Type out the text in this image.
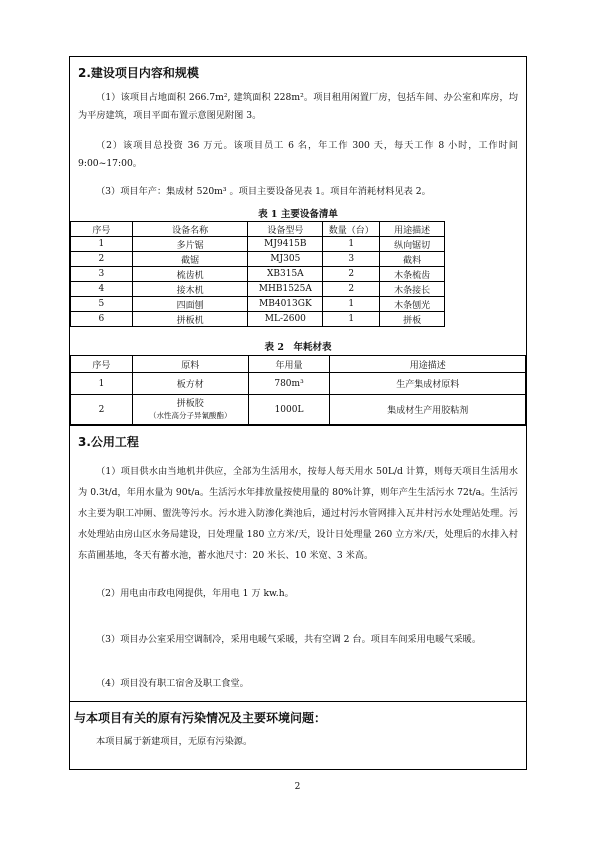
2.建设项目内容和规模
（1）该项目占地面积 266.7m², 建筑面积 228m²。项目租用闲置厂房，包括车间、办公室和库房，均为平房建筑，项目平面布置示意图见附图 3。
（2）该项目总投资 36 万元。该项目员工 6 名，年工作 300 天，每天工作 8 小时，工作时间 9:00~17:00。
（3）项目年产：集成材 520m³ 。项目主要设备见表 1。项目年消耗材料见表 2。
表 1 主要设备清单
序号	设备名称	设备型号	数量（台）	用途描述
1	多片锯	MJ9415B	1	纵向锯切
2	截锯	MJ305	3	截料
3	梳齿机	XB315A	2	木条梳齿
4	接木机	MHB1525A	2	木条接长
5	四面刨	MB4013GK	1	木条刨光
6	拼板机	ML-2600	1	拼板
表 2　年耗材表
序号	原料	年用量	用途描述
1	板方材	780m³	生产集成材原料
2	拼板胶
（水性高分子异氰酸酯）	1000L	集成材生产用胶粘剂
3.公用工程
（1）项目供水由当地机井供应，全部为生活用水，按每人每天用水 50L/d 计算，则每天项目生活用水为 0.3t/d，年用水量为 90t/a。生活污水年排放量按使用量的 80%计算，则年产生生活污水 72t/a。生活污水主要为职工冲厕、盥洗等污水。污水进入防渗化粪池后，通过村污水管网排入瓦井村污水处理站处理。污水处理站由房山区水务局建设，日处理量 180 立方米/天，设计日处理量 260 立方米/天，处理后的水排入村东苗圃基地，冬天有蓄水池，蓄水池尺寸：20 米长、10 米宽、3 米高。
（2）用电由市政电网提供，年用电 1 万 kw.h。
（3）项目办公室采用空调制冷，采用电暖气采暖，共有空调 2 台。项目车间采用电暖气采暖。
（4）项目没有职工宿舍及职工食堂。
与本项目有关的原有污染情况及主要环境问题：
本项目属于新建项目，无原有污染源。
2
